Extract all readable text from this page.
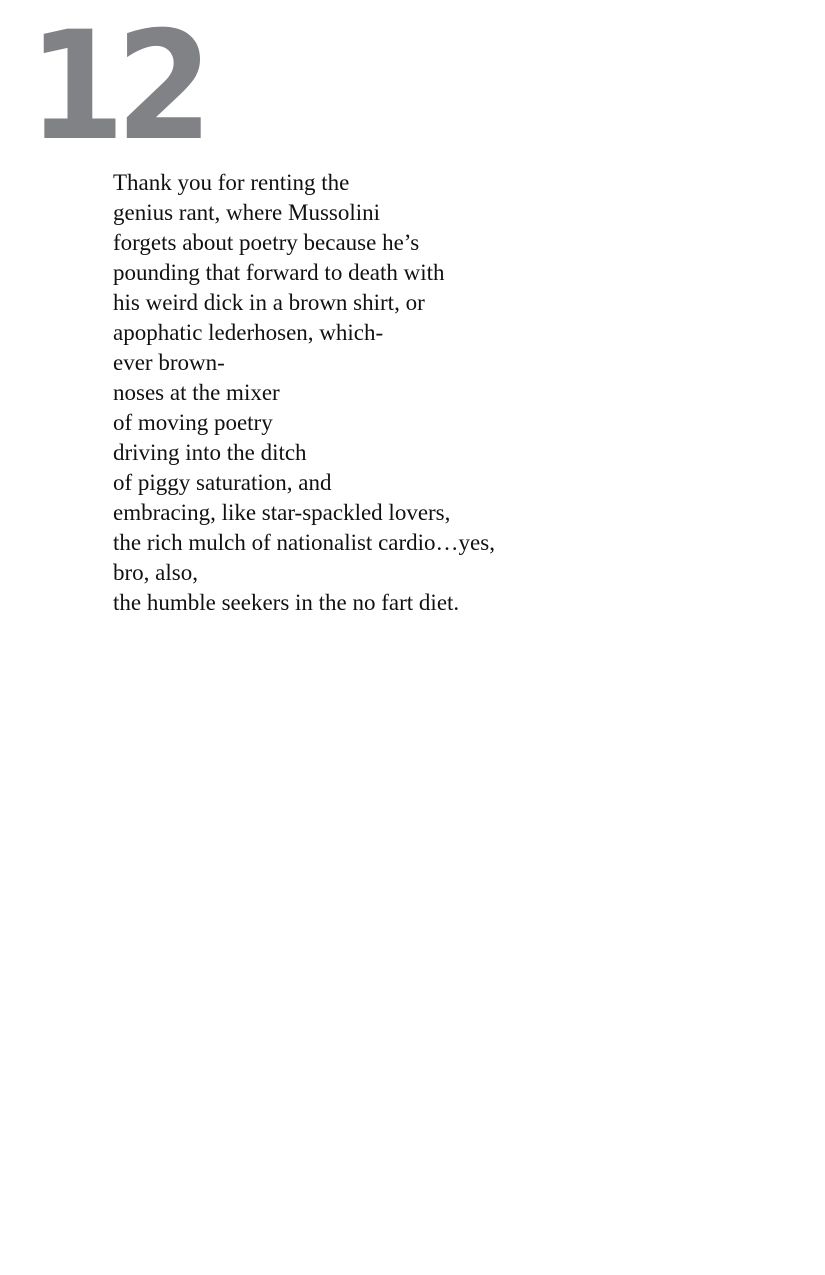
12
Thank you for renting the
genius rant, where Mussolini
forgets about poetry because he’s
pounding that forward to death with
his weird dick in a brown shirt, or
apophatic lederhosen, which-
ever brown-
noses at the mixer
of moving poetry
driving into the ditch
of piggy saturation, and
embracing, like star-spackled lovers,
the rich mulch of nationalist cardio…yes,
bro, also,
the humble seekers in the no fart diet.
